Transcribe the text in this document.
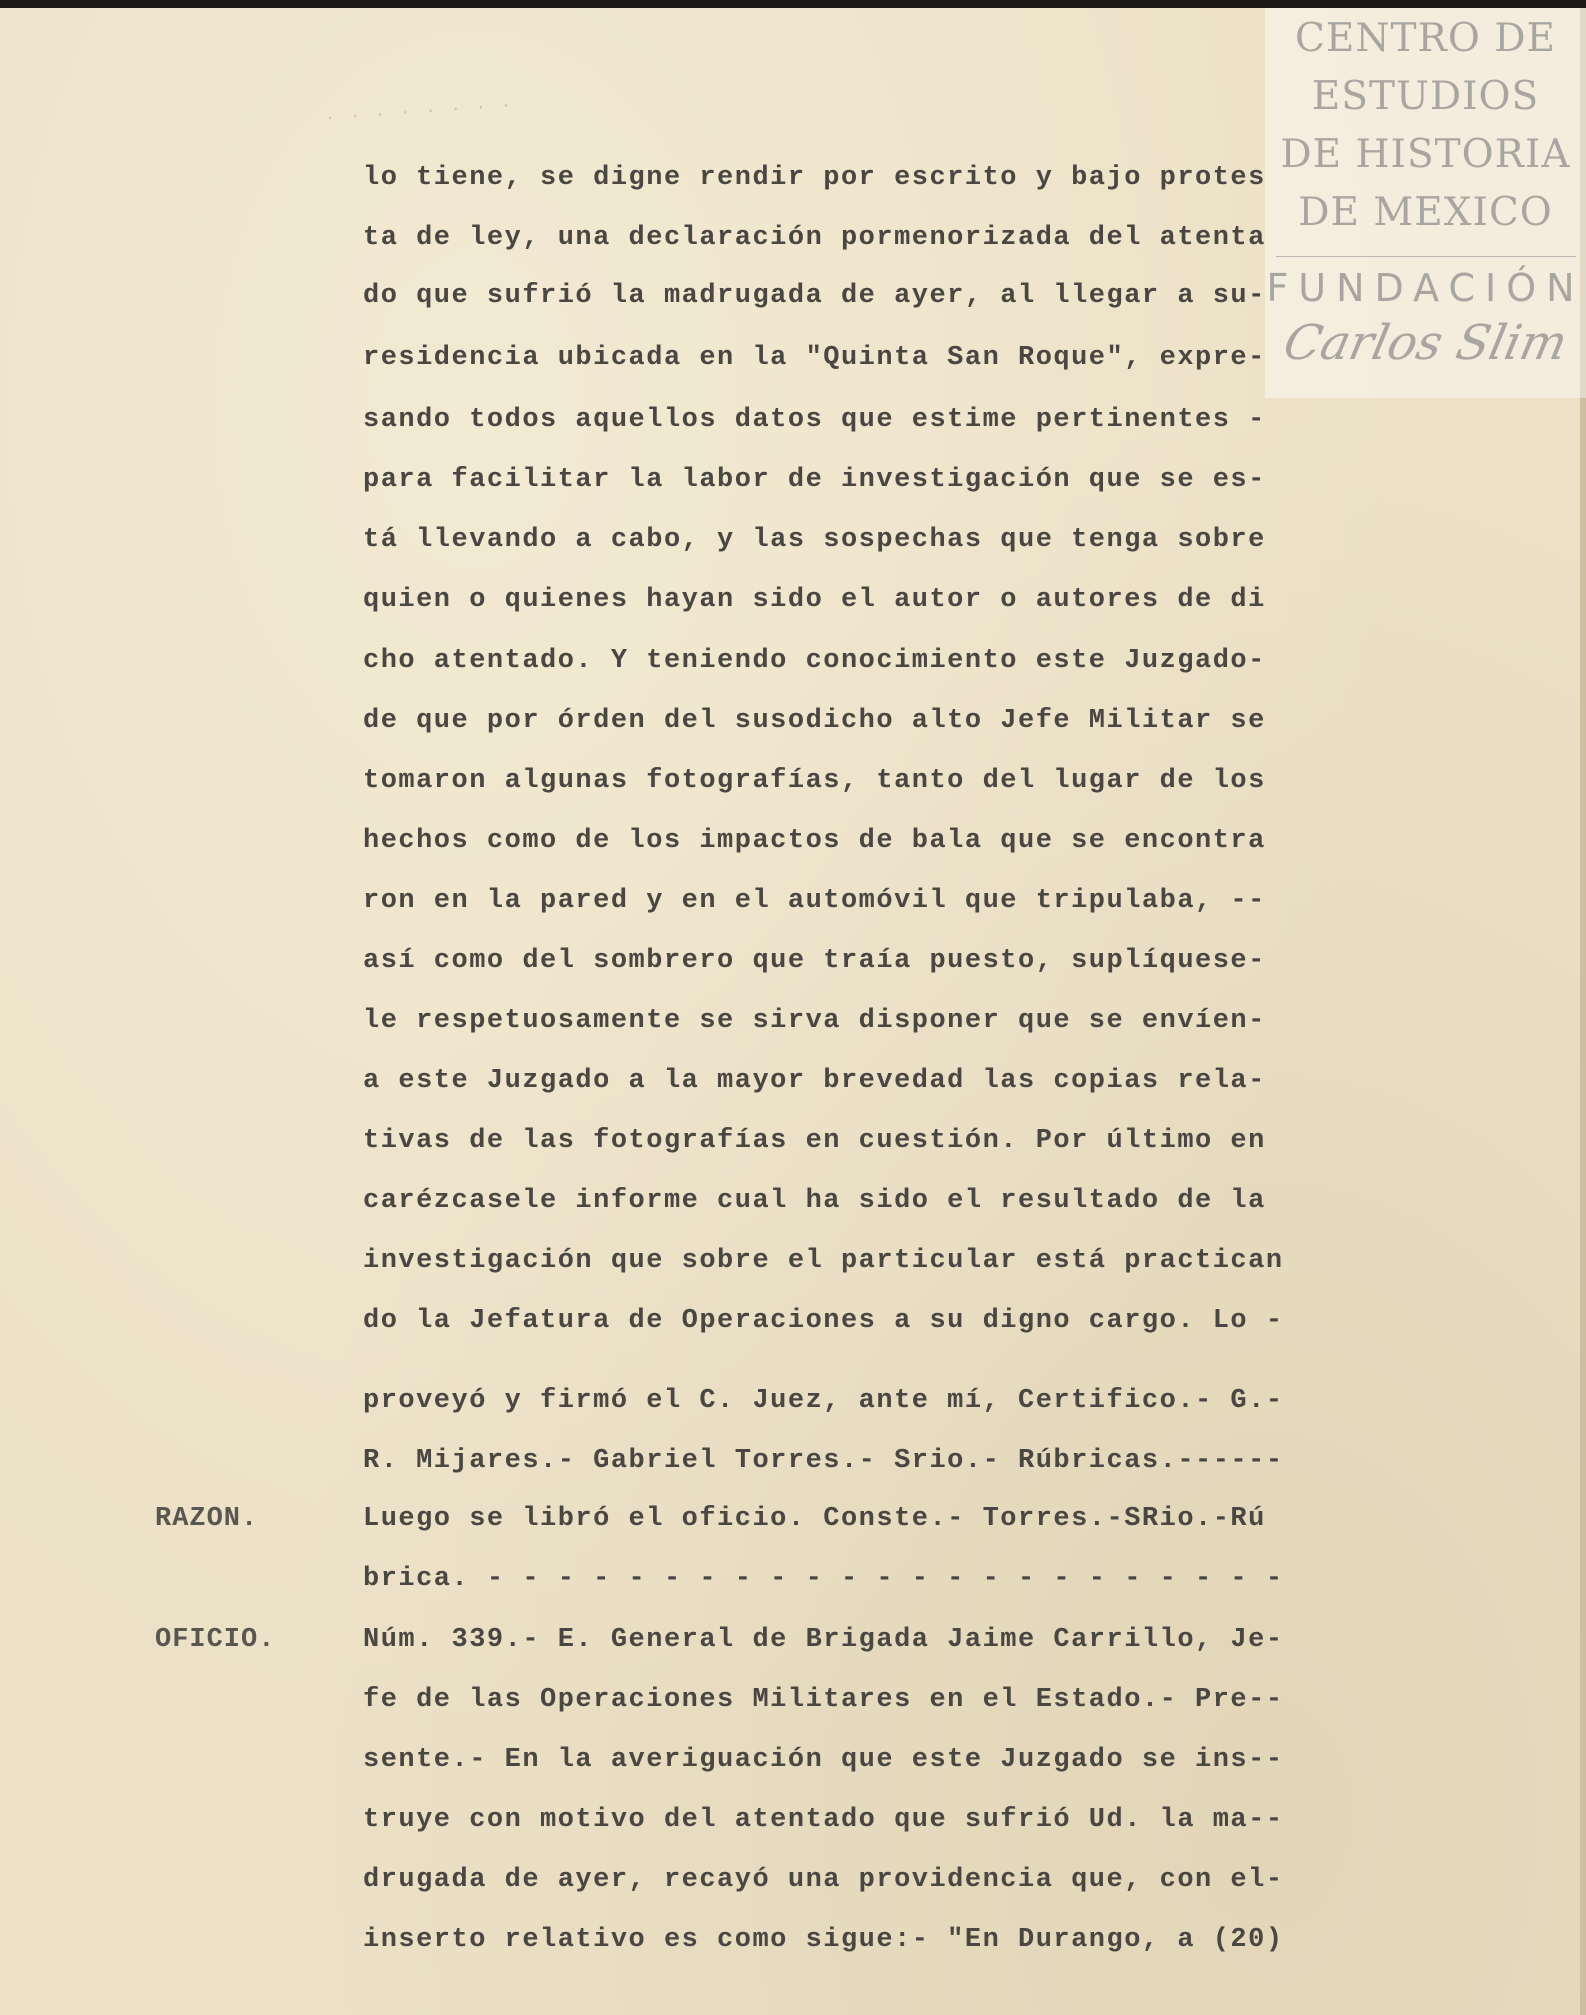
· · · · · · · ·
CENTRO DE
ESTUDIOS
DE HISTORIA
DE MEXICO
FUNDACIÓN
Carlos Slim
RAZON.
OFICIO.
lo tiene, se digne rendir por escrito y bajo protes
ta de ley, una declaración pormenorizada del atenta
do que sufrió la madrugada de ayer, al llegar a su-
residencia ubicada en la "Quinta San Roque", expre-
sando todos aquellos datos que estime pertinentes -
para facilitar la labor de investigación que se es-
tá llevando a cabo, y las sospechas que tenga sobre
quien o quienes hayan sido el autor o autores de di
cho atentado. Y teniendo conocimiento este Juzgado-
de que por órden del susodicho alto Jefe Militar se
tomaron algunas fotografías, tanto del lugar de los
hechos como de los impactos de bala que se encontra
ron en la pared y en el automóvil que tripulaba, --
así como del sombrero que traía puesto, suplíquese-
le respetuosamente se sirva disponer que se envíen-
a este Juzgado a la mayor brevedad las copias rela-
tivas de las fotografías en cuestión. Por último en
carézcasele informe cual ha sido el resultado de la
investigación que sobre el particular está practican
do la Jefatura de Operaciones a su digno cargo. Lo -
proveyó y firmó el C. Juez, ante mí, Certifico.- G.-
R. Mijares.- Gabriel Torres.- Srio.- Rúbricas.------
Luego se libró el oficio. Conste.- Torres.-SRio.-Rú
brica. - - - - - - - - - - - - - - - - - - - - - - -
Núm. 339.- E. General de Brigada Jaime Carrillo, Je-
fe de las Operaciones Militares en el Estado.- Pre--
sente.- En la averiguación que este Juzgado se ins--
truye con motivo del atentado que sufrió Ud. la ma--
drugada de ayer, recayó una providencia que, con el-
inserto relativo es como sigue:- "En Durango, a (20)
